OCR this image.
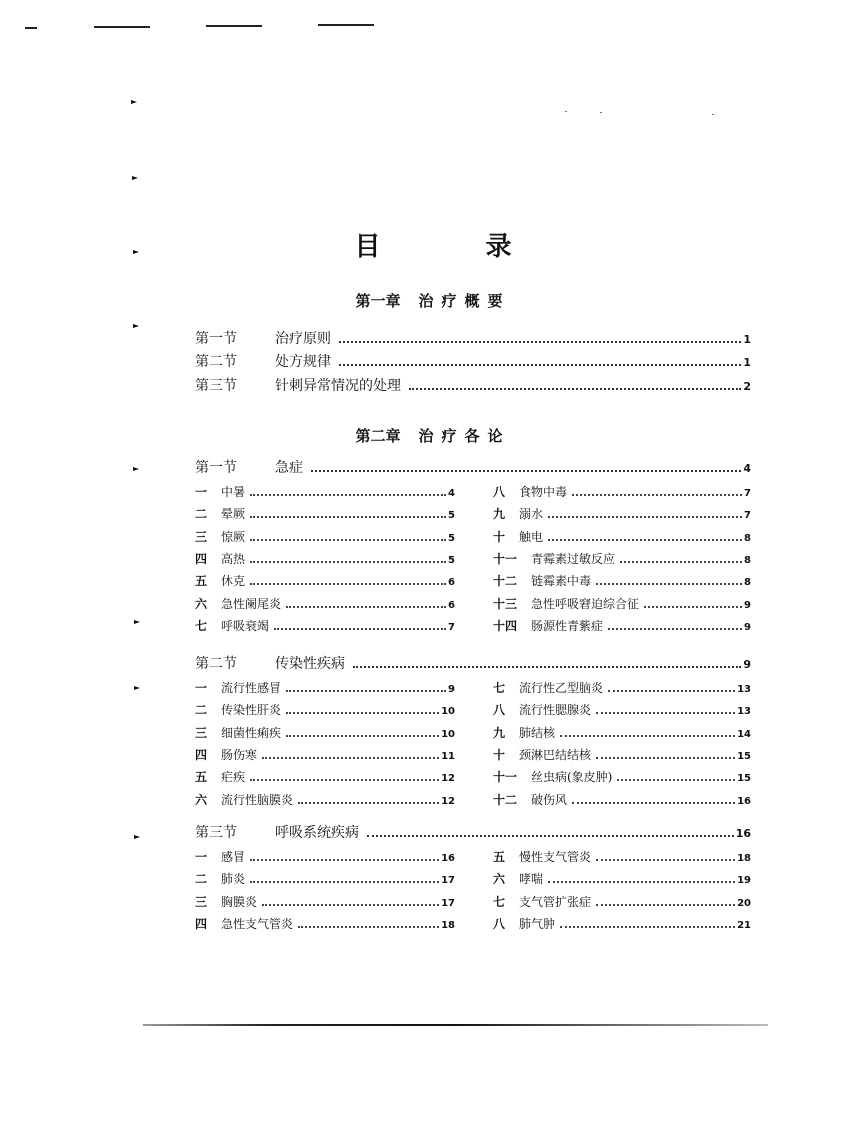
目 录
第一章 治疗概要
第一节	治疗原则	1
第二节	处方规律	1
第三节	针刺异常情况的处理	2
第二章 治疗各论
第一节	急症	4
一	中暑	4
二	晕厥	5
三	惊厥	5
四	高热	5
五	休克	6
六	急性阑尾炎	6
七	呼吸衰竭	7
八	食物中毒	7
九	溺水	7
十	触电	8
十一	青霉素过敏反应	8
十二	链霉素中毒	8
十三	急性呼吸窘迫综合征	9
十四	肠源性青紫症	9
第二节	传染性疾病	9
一	流行性感冒	9
二	传染性肝炎	10
三	细菌性痢疾	10
四	肠伤寒	11
五	疟疾	12
六	流行性脑膜炎	12
七	流行性乙型脑炎	13
八	流行性腮腺炎	13
九	肺结核	14
十	颈淋巴结结核	15
十一	丝虫病(象皮肿)	15
十二	破伤风	16
第三节	呼吸系统疾病	16
一	感冒	16
二	肺炎	17
三	胸膜炎	17
四	急性支气管炎	18
五	慢性支气管炎	18
六	哮喘	19
七	支气管扩张症	20
八	肺气肿	21
